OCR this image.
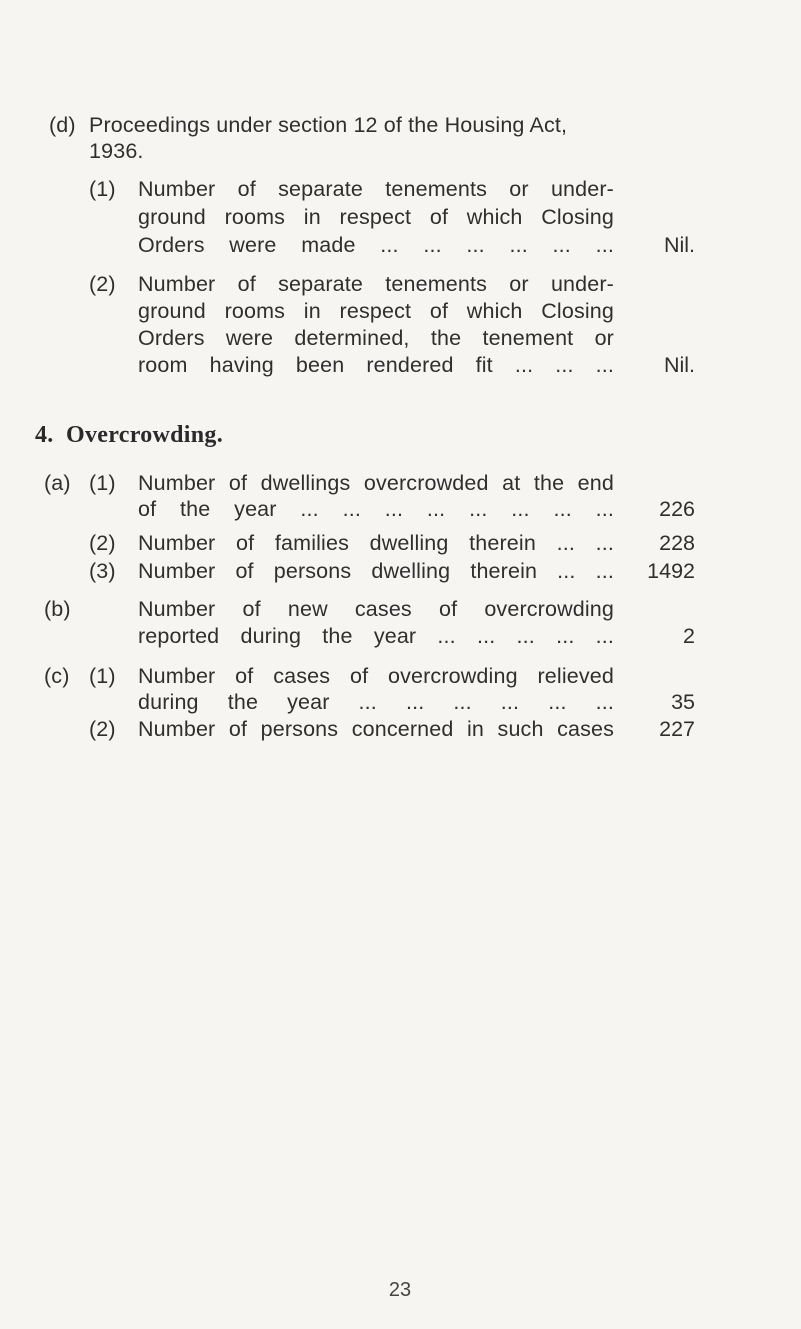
(d) Proceedings under section 12 of the Housing Act,
1936.
(1) Number of separate tenements or under-
ground rooms in respect of which Closing
Orders were made ... ... ... ... ... ...	Nil.
(2) Number of separate tenements or under-
ground rooms in respect of which Closing
Orders were determined, the tenement or
room having been rendered fit ... ... ...	Nil.
4. Overcrowding.
(a) (1) Number of dwellings overcrowded at the end
of the year ... ... ... ... ... ... ... ...	226
(2) Number of families dwelling therein ... ...	228
(3) Number of persons dwelling therein ... ...	1492
(b)	Number of new cases of overcrowding
reported during the year ... ... ... ... ...	2
(c) (1) Number of cases of overcrowding relieved
during the year ... ... ... ... ... ...	35
(2) Number of persons concerned in such cases	227
23
